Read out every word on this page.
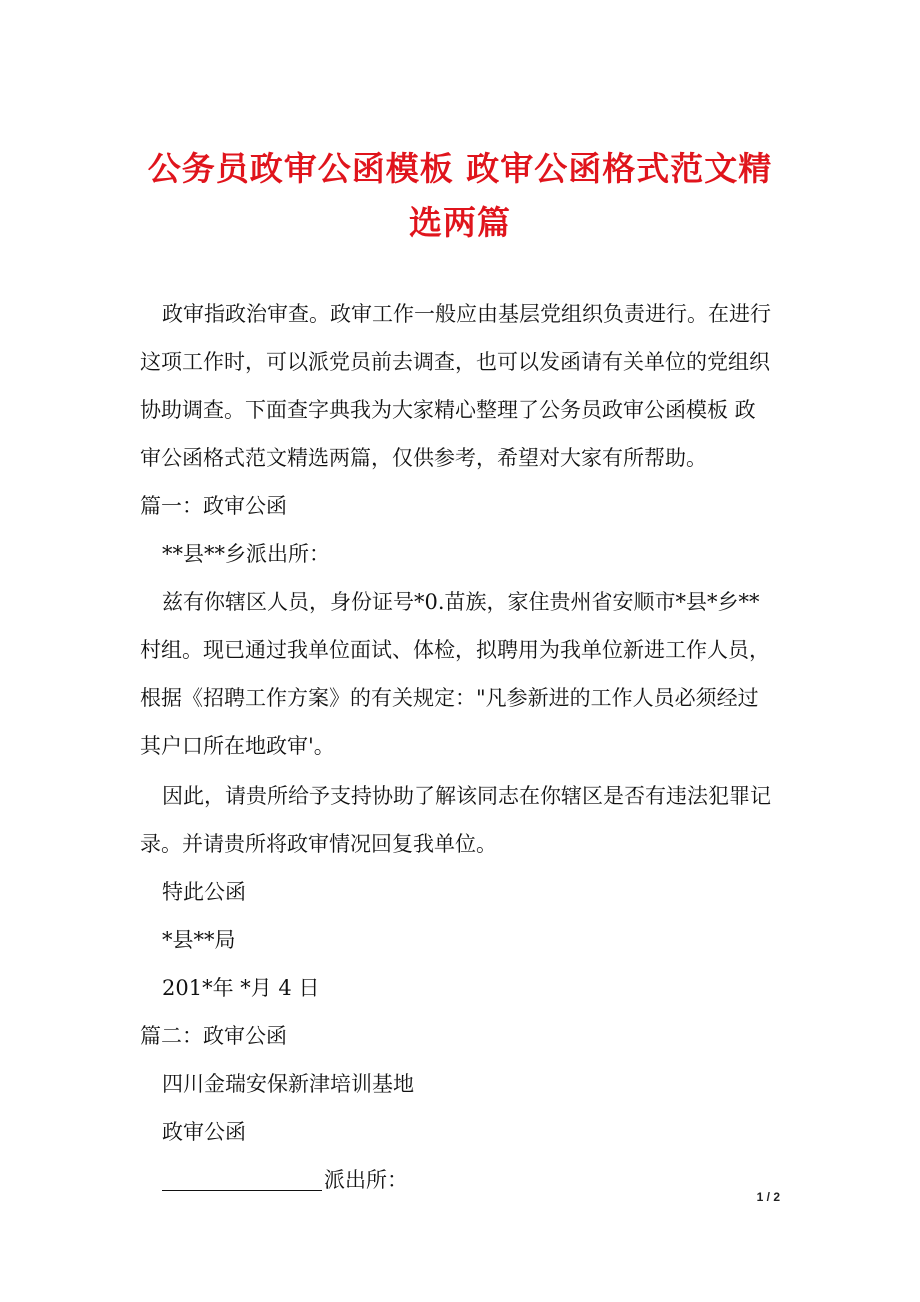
公务员政审公函模板 政审公函格式范文精
选两篇
政审指政治审查。政审工作一般应由基层党组织负责进行。在进行
这项工作时，可以派党员前去调查，也可以发函请有关单位的党组织
协助调查。下面查字典我为大家精心整理了公务员政审公函模板 政
审公函格式范文精选两篇，仅供参考，希望对大家有所帮助。
篇一：政审公函
**县**乡派出所：
兹有你辖区人员，身份证号*0.苗族，家住贵州省安顺市*县*乡**
村组。现已通过我单位面试、体检，拟聘用为我单位新进工作人员，
根据《招聘工作方案》的有关规定："凡参新进的工作人员必须经过
其户口所在地政审'。
因此，请贵所给予支持协助了解该同志在你辖区是否有违法犯罪记
录。并请贵所将政审情况回复我单位。
特此公函
*县**局
201*年 *月 4 日
篇二：政审公函
四川金瑞安保新津培训基地
政审公函
派出所：
1 / 2
